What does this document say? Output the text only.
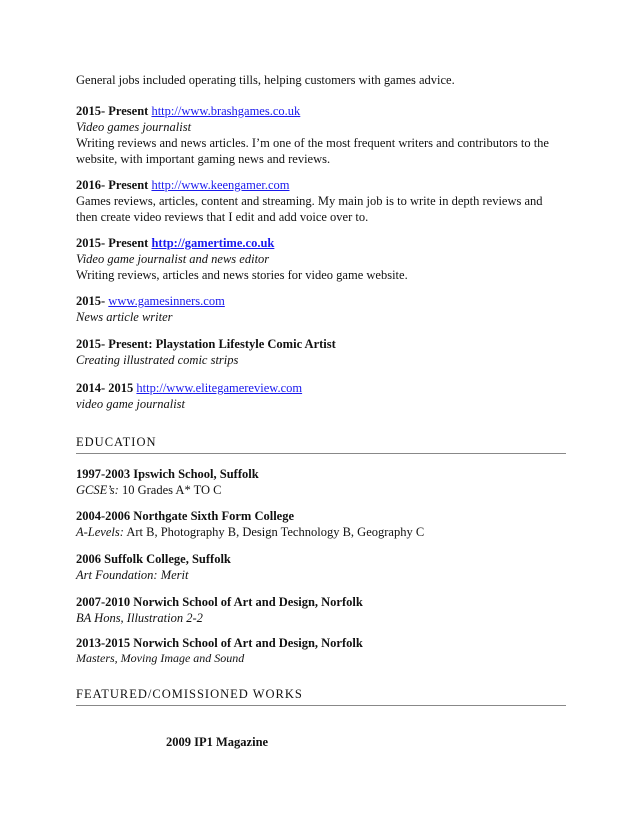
General jobs included operating tills, helping customers with games advice.
2015- Present http://www.brashgames.co.uk
Video games journalist
Writing reviews and news articles. I’m one of the most frequent writers and contributors to the website, with important gaming news and reviews.
2016- Present http://www.keengamer.com
Games reviews, articles, content and streaming. My main job is to write in depth reviews and then create video reviews that I edit and add voice over to.
2015- Present http://gamertime.co.uk
Video game journalist and news editor
Writing reviews, articles and news stories for video game website.
2015- www.gamesinners.com
News article writer
2015- Present: Playstation Lifestyle Comic Artist
Creating illustrated comic strips
2014- 2015 http://www.elitegamereview.com
video game journalist
EDUCATION
1997-2003 Ipswich School, Suffolk
GCSE’s: 10 Grades A* TO C
2004-2006 Northgate Sixth Form College
A-Levels: Art B, Photography B, Design Technology B, Geography C
2006 Suffolk College, Suffolk
Art Foundation: Merit
2007-2010 Norwich School of Art and Design, Norfolk
BA Hons, Illustration 2-2
2013-2015 Norwich School of Art and Design, Norfolk
Masters, Moving Image and Sound
FEATURED/COMISSIONED WORKS
2009 IP1 Magazine
